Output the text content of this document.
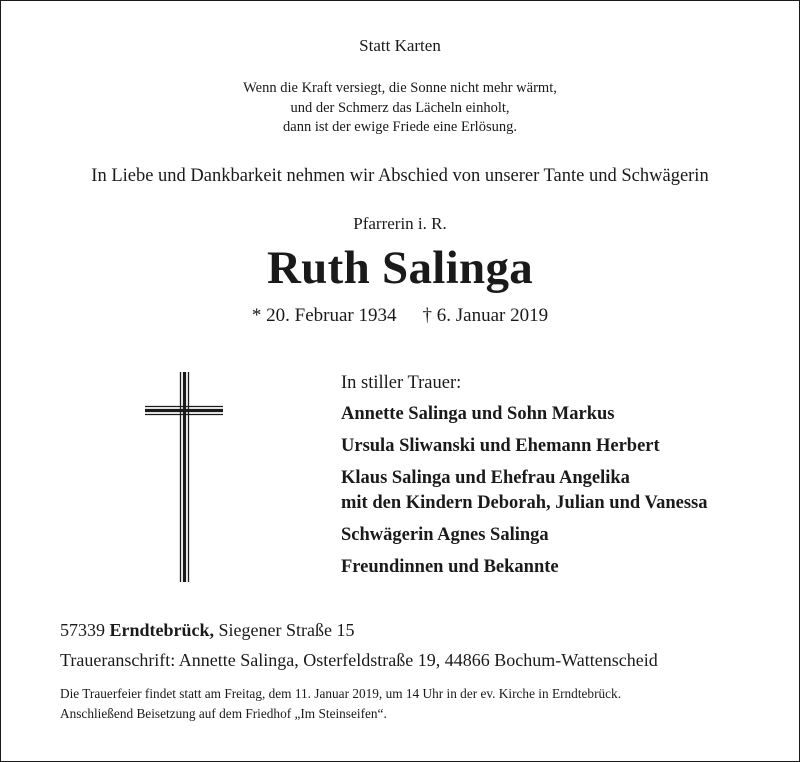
Statt Karten
Wenn die Kraft versiegt, die Sonne nicht mehr wärmt,
und der Schmerz das Lächeln einholt,
dann ist der ewige Friede eine Erlösung.
In Liebe und Dankbarkeit nehmen wir Abschied von unserer Tante und Schwägerin
Pfarrerin i. R.
Ruth Salinga
* 20. Februar 1934 † 6. Januar 2019
In stiller Trauer:
Annette Salinga und Sohn Markus
Ursula Sliwanski und Ehemann Herbert
Klaus Salinga und Ehefrau Angelika
mit den Kindern Deborah, Julian und Vanessa
Schwägerin Agnes Salinga
Freundinnen und Bekannte
57339 Erndtebrück, Siegener Straße 15
Traueranschrift: Annette Salinga, Osterfeldstraße 19, 44866 Bochum-Wattenscheid
Die Trauerfeier findet statt am Freitag, dem 11. Januar 2019, um 14 Uhr in der ev. Kirche in Erndtebrück.
Anschließend Beisetzung auf dem Friedhof „Im Steinseifen“.
